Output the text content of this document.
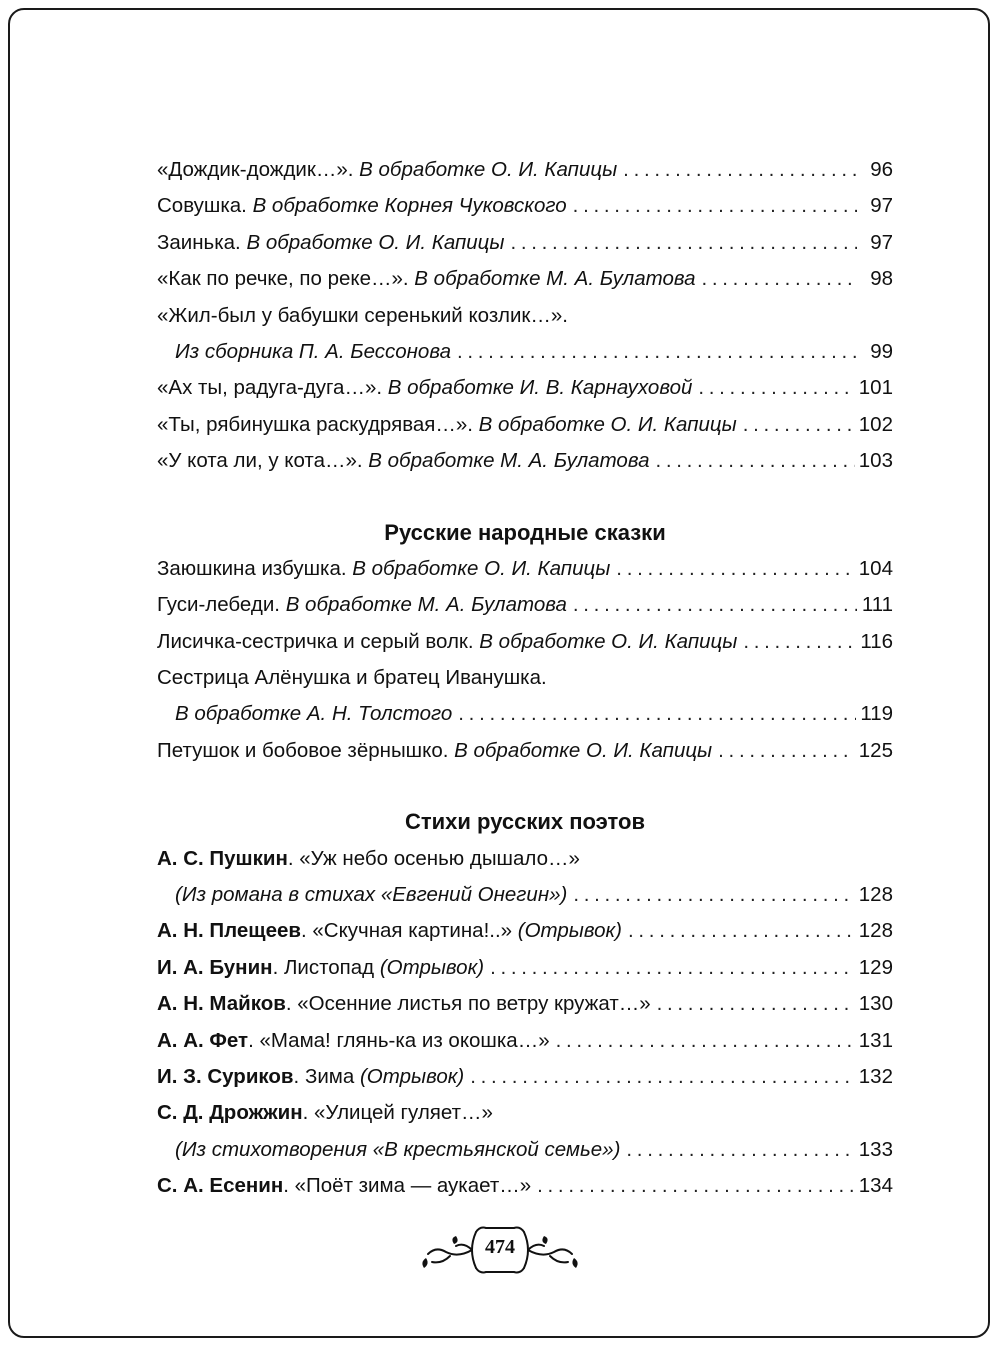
«Дождик-дождик…». В обработке О. И. Капицы . . .	96
Совушка. В обработке Корнея Чуковского . . .	97
Заинька. В обработке О. И. Капицы . . .	97
«Как по речке, по реке…». В обработке М. А. Булатова . . .	98
«Жил-был у бабушки серенький козлик…».
Из сборника П. А. Бессонова . . .	99
«Ах ты, радуга-дуга…». В обработке И. В. Карнауховой . . .	101
«Ты, рябинушка раскудрявая…». В обработке О. И. Капицы . . .	102
«У кота ли, у кота…». В обработке М. А. Булатова . . .	103
Русские народные сказки
Заюшкина избушка. В обработке О. И. Капицы . . .	104
Гуси-лебеди. В обработке М. А. Булатова . . .	111
Лисичка-сестричка и серый волк. В обработке О. И. Капицы . . .	116
Сестрица Алёнушка и братец Иванушка.
В обработке А. Н. Толстого . . .	119
Петушок и бобовое зёрнышко. В обработке О. И. Капицы . . .	125
Стихи русских поэтов
А. С. Пушкин. «Уж небо осенью дышало…»
(Из романа в стихах «Евгений Онегин») . . .	128
А. Н. Плещеев. «Скучная картина!..» (Отрывок) . . .	128
И. А. Бунин. Листопад (Отрывок) . . .	129
А. Н. Майков. «Осенние листья по ветру кружат…» . . .	130
А. А. Фет. «Мама! глянь-ка из окошка…» . . .	131
И. З. Суриков. Зима (Отрывок) . . .	132
С. Д. Дрожжин. «Улицей гуляет…»
(Из стихотворения «В крестьянской семье») . . .	133
С. А. Есенин. «Поёт зима — аукает…» . . .	134
474
